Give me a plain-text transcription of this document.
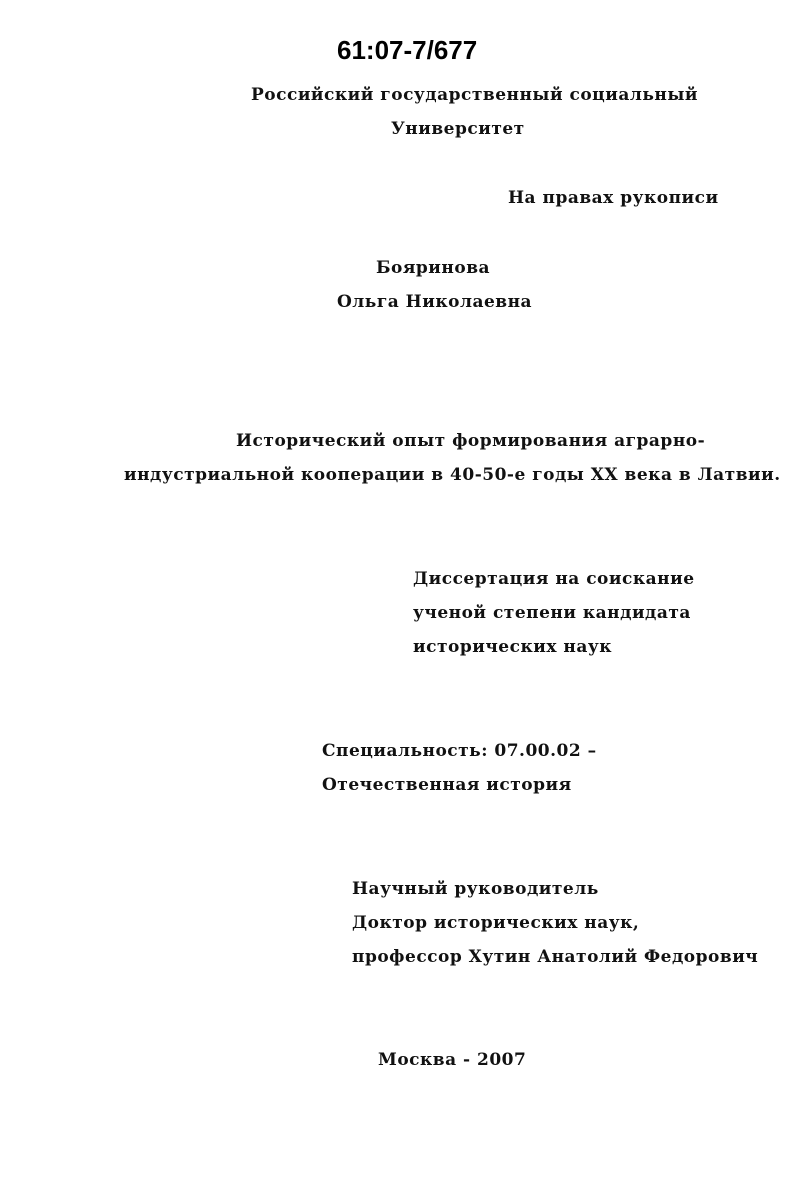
61:07-7/677

Российский государственный социальный

Университет

На правах рукописи

Бояринова

Ольга Николаевна

Исторический опыт формирования аграрно-

индустриальной кооперации в 40-50-е годы XX века в Латвии.

Диссертация на соискание

ученой степени кандидата

исторических наук

Специальность: 07.00.02 –

Отечественная история

Научный руководитель

Доктор исторических наук,

профессор Хутин Анатолий Федорович

Москва - 2007
